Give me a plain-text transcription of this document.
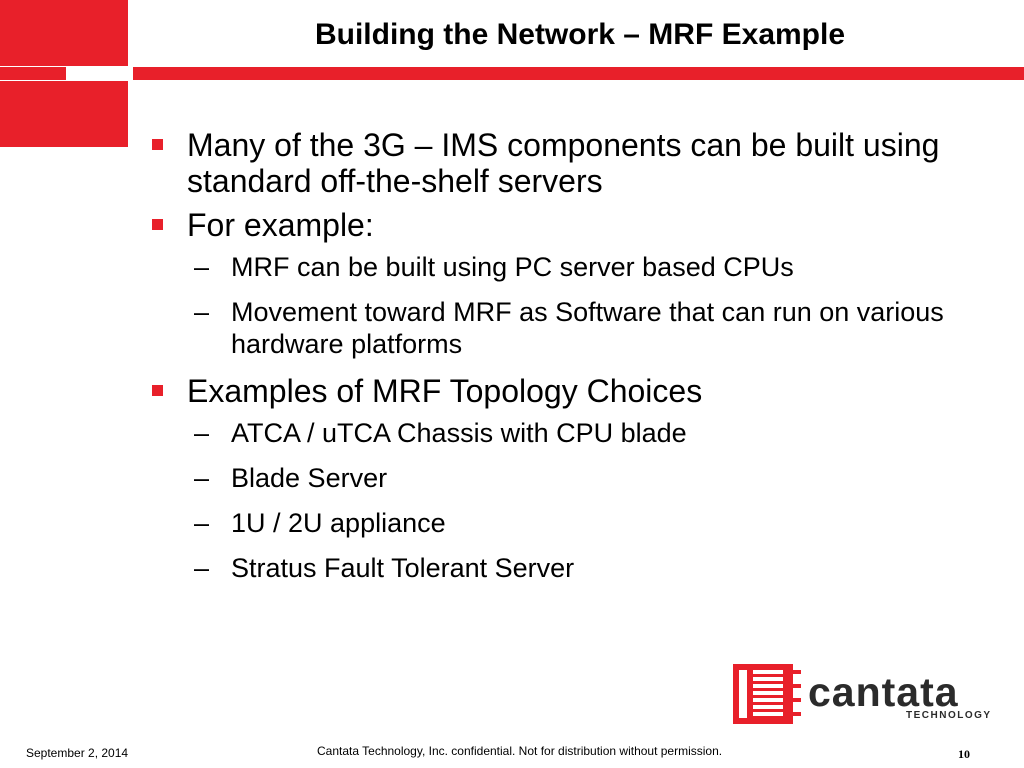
Building the Network – MRF Example
Many of the 3G – IMS components can be built using standard off-the-shelf servers
For example:
– MRF can be built using PC server based CPUs
– Movement toward MRF as Software that can run on various hardware platforms
Examples of MRF Topology Choices
– ATCA / uTCA Chassis with CPU blade
– Blade Server
– 1U / 2U appliance
– Stratus Fault Tolerant Server
cantata
TECHNOLOGY
September 2, 2014	Cantata Technology, Inc. confidential. Not for distribution without permission.	10
